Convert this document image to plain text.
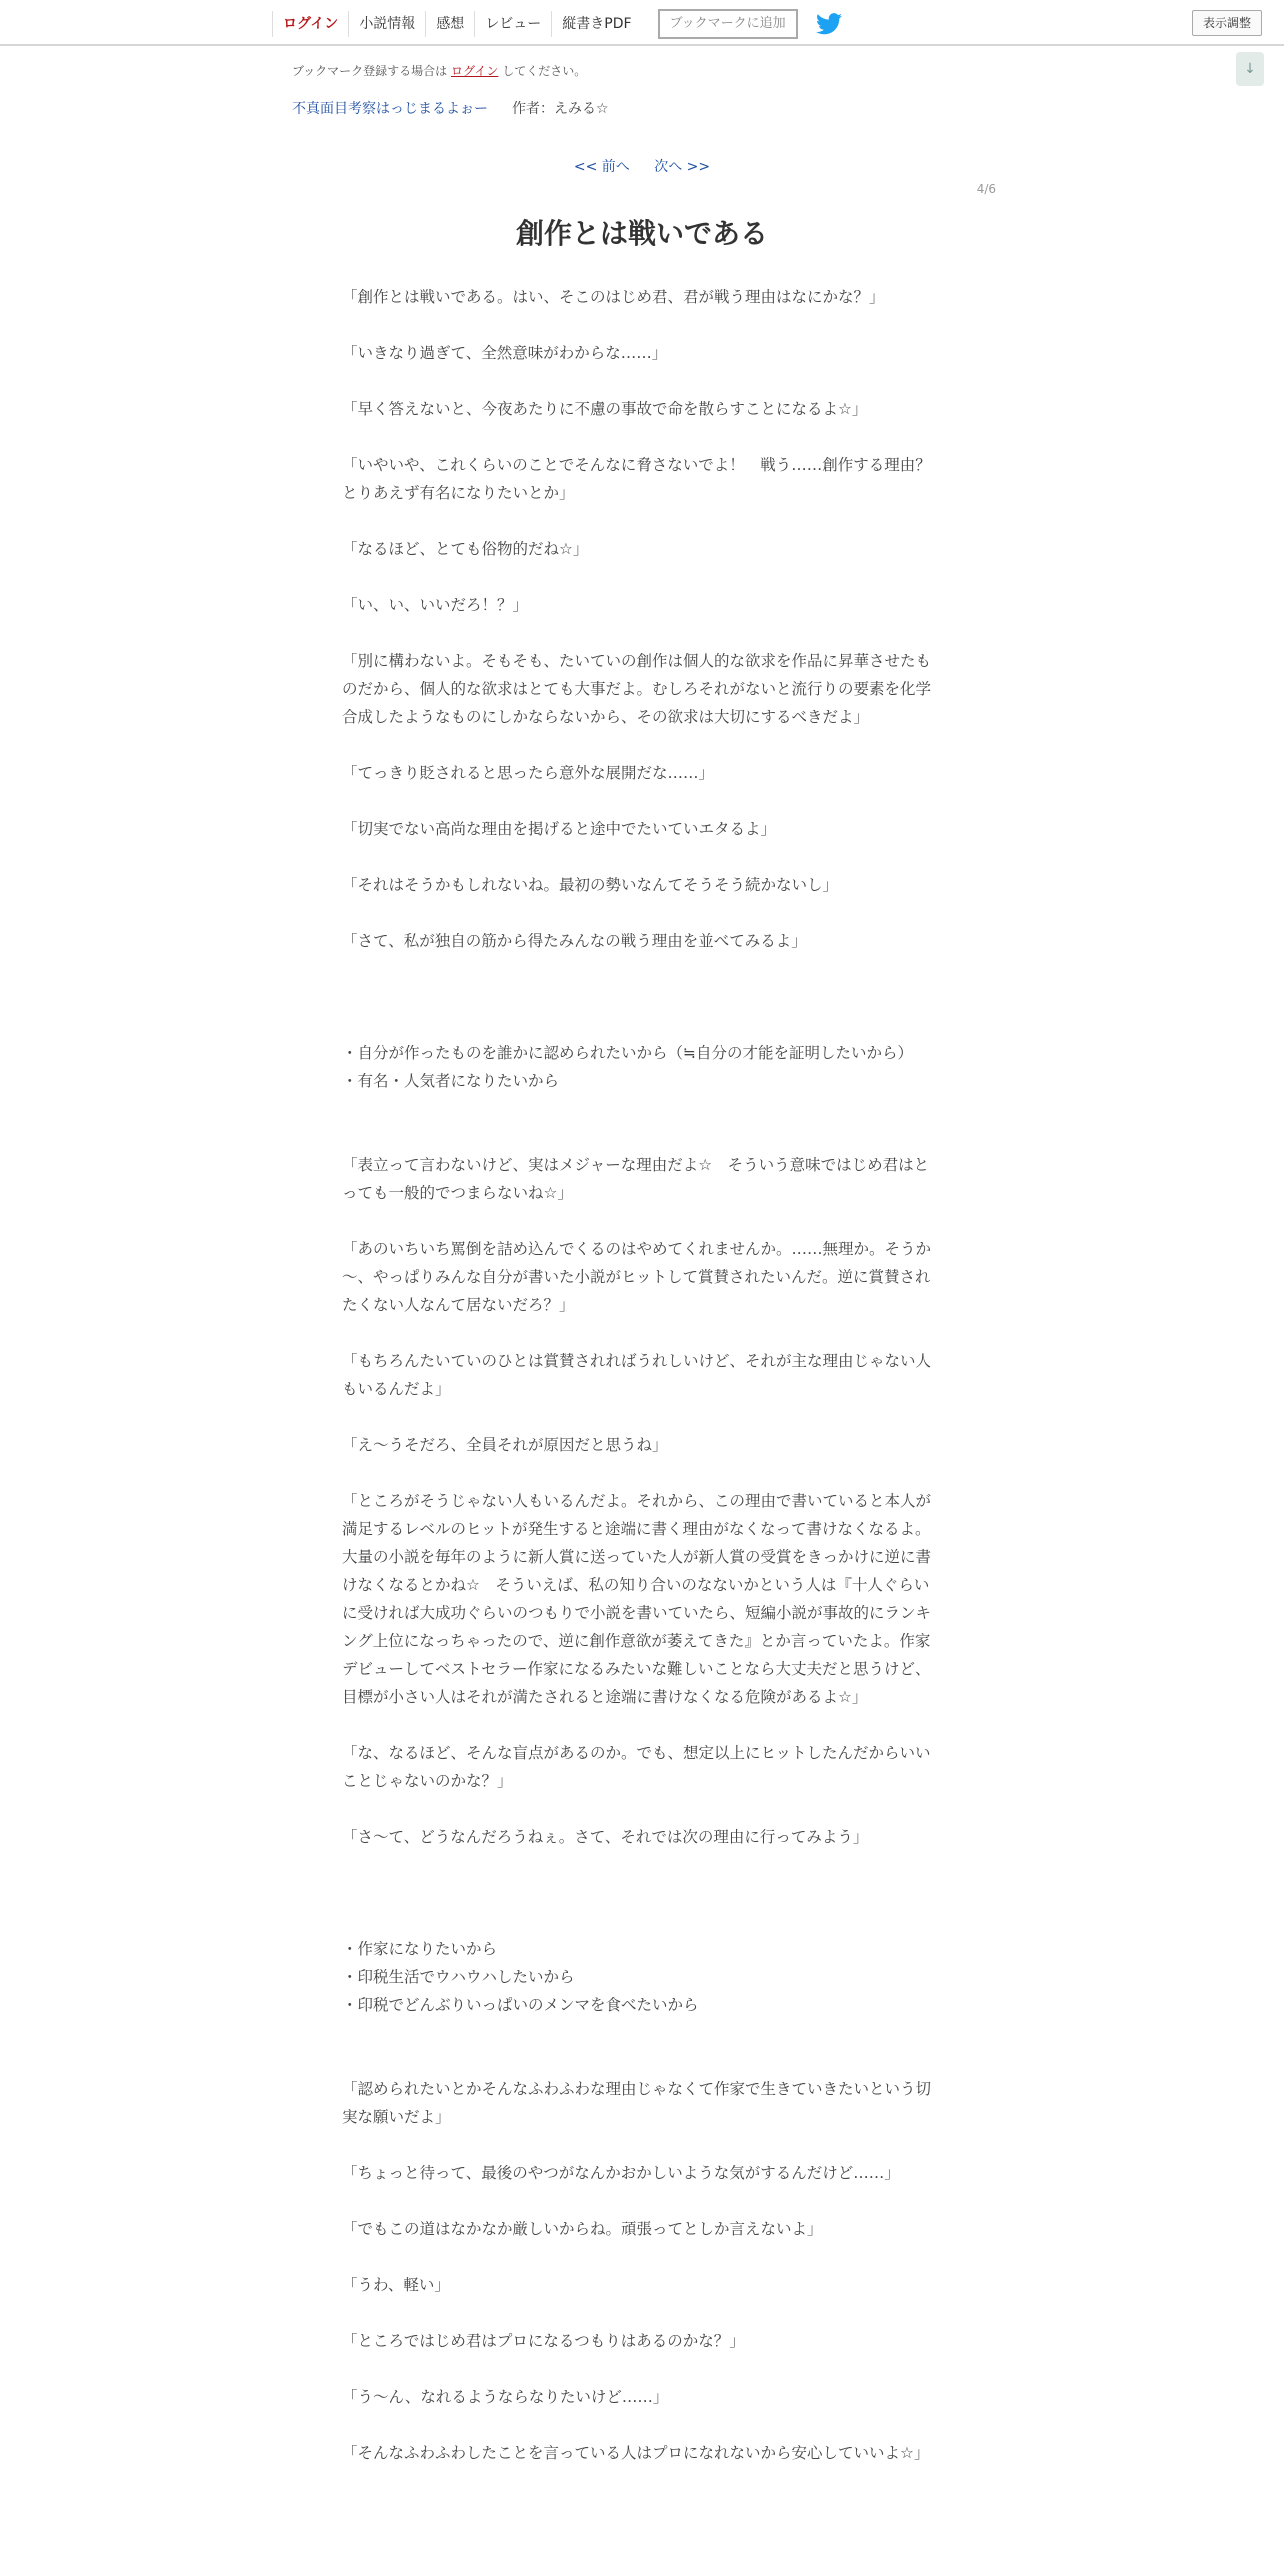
ログイン	小説情報	感想	レビュー	縦書きPDF	ブックマークに追加	表示調整
↓
ブックマーク登録する場合は ログイン してください。
不真面目考察はっじまるよぉー 作者：えみる☆
<< 前へ 次へ >>
4/6
創作とは戦いである

「創作とは戦いである。はい、そこのはじめ君、君が戦う理由はなにかな？」

「いきなり過ぎて、全然意味がわからな……」

「早く答えないと、今夜あたりに不慮の事故で命を散らすことになるよ☆」

「いやいや、これくらいのことでそんなに脅さないでよ！　戦う……創作する理由？　とりあえず有名になりたいとか」

「なるほど、とても俗物的だね☆」

「い、い、いいだろ！？」

「別に構わないよ。そもそも、たいていの創作は個人的な欲求を作品に昇華させたものだから、個人的な欲求はとても大事だよ。むしろそれがないと流行りの要素を化学合成したようなものにしかならないから、その欲求は大切にするべきだよ」

「てっきり貶されると思ったら意外な展開だな……」

「切実でない高尚な理由を掲げると途中でたいていエタるよ」

「それはそうかもしれないね。最初の勢いなんてそうそう続かないし」

「さて、私が独自の筋から得たみんなの戦う理由を並べてみるよ」

・自分が作ったものを誰かに認められたいから（≒自分の才能を証明したいから）
・有名・人気者になりたいから

「表立って言わないけど、実はメジャーな理由だよ☆　そういう意味ではじめ君はとっても一般的でつまらないね☆」

「あのいちいち罵倒を詰め込んでくるのはやめてくれませんか。……無理か。そうか～、やっぱりみんな自分が書いた小説がヒットして賞賛されたいんだ。逆に賞賛されたくない人なんて居ないだろ？」

「もちろんたいていのひとは賞賛されればうれしいけど、それが主な理由じゃない人もいるんだよ」

「え～うそだろ、全員それが原因だと思うね」

「ところがそうじゃない人もいるんだよ。それから、この理由で書いていると本人が満足するレベルのヒットが発生すると途端に書く理由がなくなって書けなくなるよ。大量の小説を毎年のように新人賞に送っていた人が新人賞の受賞をきっかけに逆に書けなくなるとかね☆　そういえば、私の知り合いのなないかという人は『十人ぐらいに受ければ大成功ぐらいのつもりで小説を書いていたら、短編小説が事故的にランキング上位になっちゃったので、逆に創作意欲が萎えてきた』とか言っていたよ。作家デビューしてベストセラー作家になるみたいな難しいことなら大丈夫だと思うけど、目標が小さい人はそれが満たされると途端に書けなくなる危険があるよ☆」

「な、なるほど、そんな盲点があるのか。でも、想定以上にヒットしたんだからいいことじゃないのかな？」

「さ～て、どうなんだろうねぇ。さて、それでは次の理由に行ってみよう」

・作家になりたいから
・印税生活でウハウハしたいから
・印税でどんぶりいっぱいのメンマを食べたいから

「認められたいとかそんなふわふわな理由じゃなくて作家で生きていきたいという切実な願いだよ」

「ちょっと待って、最後のやつがなんかおかしいような気がするんだけど……」

「でもこの道はなかなか厳しいからね。頑張ってとしか言えないよ」

「うわ、軽い」

「ところではじめ君はプロになるつもりはあるのかな？」

「う～ん、なれるようならなりたいけど……」

「そんなふわふわしたことを言っている人はプロになれないから安心していいよ☆」
